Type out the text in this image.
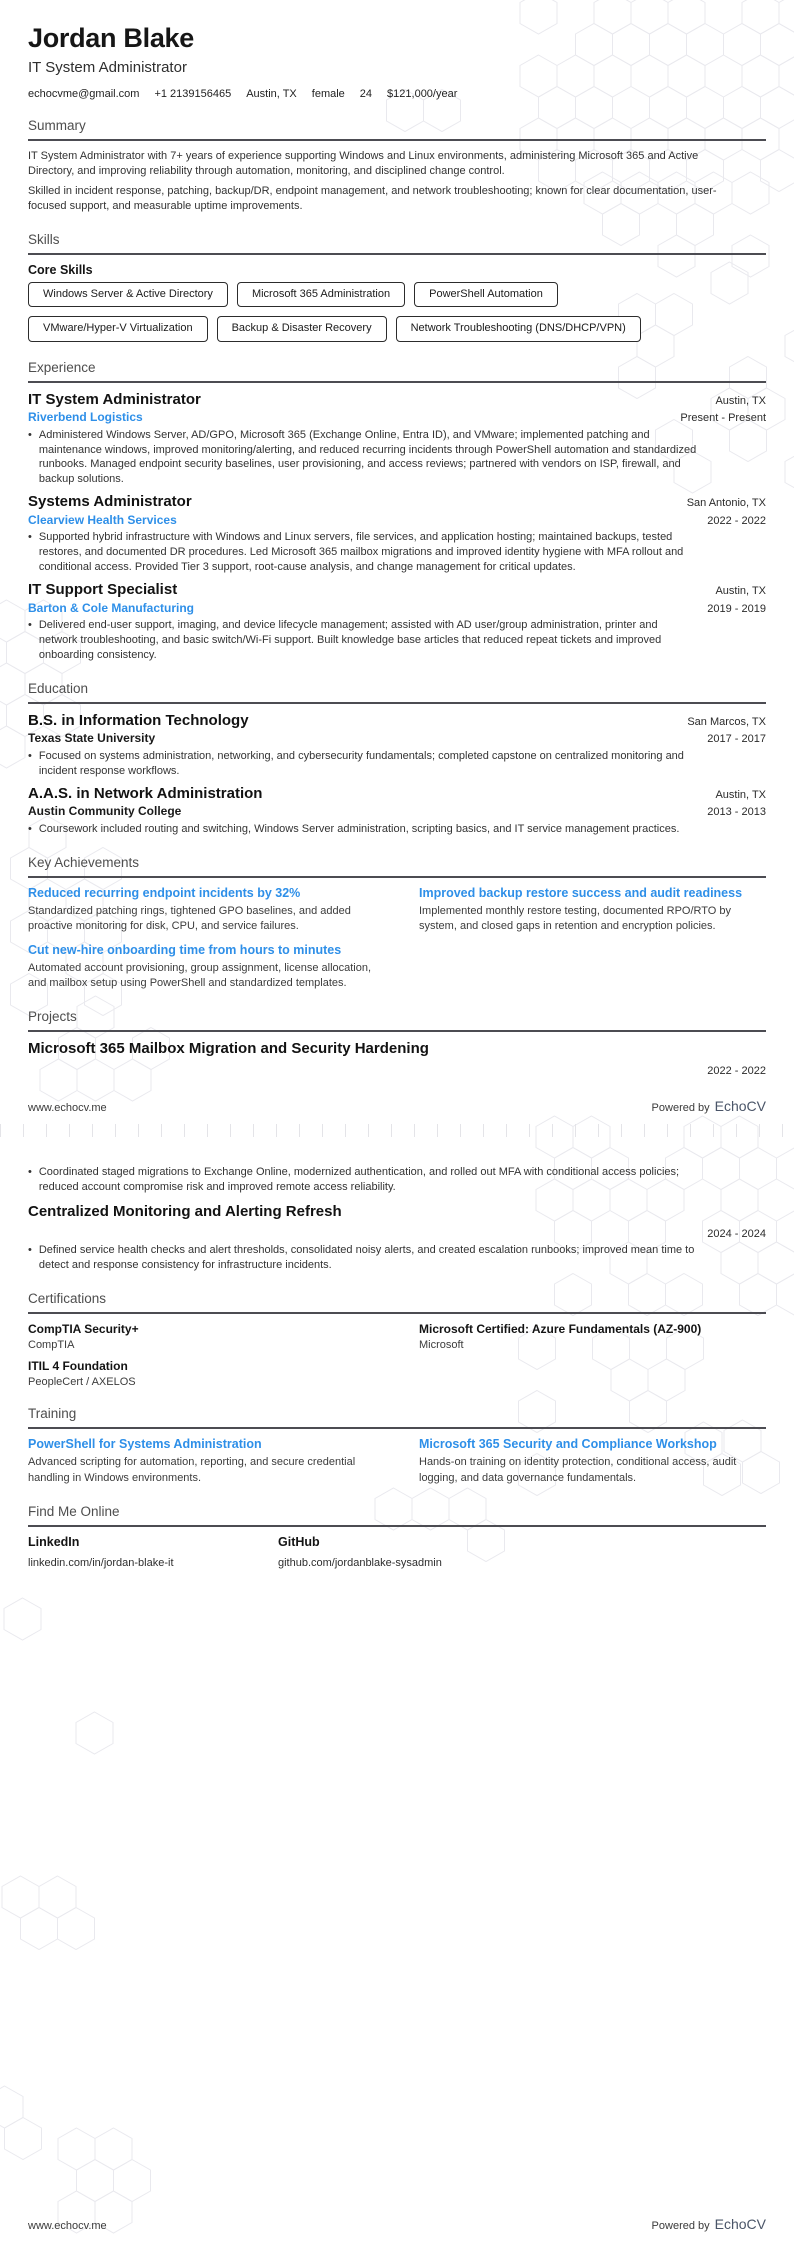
Jordan Blake
IT System Administrator
echocvme@gmail.com +1 2139156465 Austin, TX female 24 $121,000/year
Summary

IT System Administrator with 7+ years of experience supporting Windows and Linux environments, administering Microsoft 365 and Active Directory, and improving reliability through automation, monitoring, and disciplined change control.

Skilled in incident response, patching, backup/DR, endpoint management, and network troubleshooting; known for clear documentation, user-focused support, and measurable uptime improvements.

Skills
Core Skills
Windows Server & Active Directory	Microsoft 365 Administration	PowerShell Automation
VMware/Hyper-V Virtualization	Backup & Disaster Recovery	Network Troubleshooting (DNS/DHCP/VPN)
Experience
IT System Administrator	Austin, TX
Riverbend Logistics	Present - Present
• Administered Windows Server, AD/GPO, Microsoft 365 (Exchange Online, Entra ID), and VMware; implemented patching and maintenance windows, improved monitoring/alerting, and reduced recurring incidents through PowerShell automation and standardized runbooks. Managed endpoint security baselines, user provisioning, and access reviews; partnered with vendors on ISP, firewall, and backup solutions.
Systems Administrator	San Antonio, TX
Clearview Health Services	2022 - 2022
• Supported hybrid infrastructure with Windows and Linux servers, file services, and application hosting; maintained backups, tested restores, and documented DR procedures. Led Microsoft 365 mailbox migrations and improved identity hygiene with MFA rollout and conditional access. Provided Tier 3 support, root-cause analysis, and change management for critical updates.
IT Support Specialist	Austin, TX
Barton & Cole Manufacturing	2019 - 2019
• Delivered end-user support, imaging, and device lifecycle management; assisted with AD user/group administration, printer and network troubleshooting, and basic switch/Wi-Fi support. Built knowledge base articles that reduced repeat tickets and improved onboarding consistency.
Education
B.S. in Information Technology	San Marcos, TX
Texas State University	2017 - 2017
• Focused on systems administration, networking, and cybersecurity fundamentals; completed capstone on centralized monitoring and incident response workflows.
A.A.S. in Network Administration	Austin, TX
Austin Community College	2013 - 2013
• Coursework included routing and switching, Windows Server administration, scripting basics, and IT service management practices.
Key Achievements
Reduced recurring endpoint incidents by 32%
Standardized patching rings, tightened GPO baselines, and added proactive monitoring for disk, CPU, and service failures.
Improved backup restore success and audit readiness
Implemented monthly restore testing, documented RPO/RTO by system, and closed gaps in retention and encryption policies.
Cut new-hire onboarding time from hours to minutes
Automated account provisioning, group assignment, license allocation, and mailbox setup using PowerShell and standardized templates.
Projects
Microsoft 365 Mailbox Migration and Security Hardening
2022 - 2022
• Coordinated staged migrations to Exchange Online, modernized authentication, and rolled out MFA with conditional access policies; reduced account compromise risk and improved remote access reliability.
Centralized Monitoring and Alerting Refresh
2024 - 2024
• Defined service health checks and alert thresholds, consolidated noisy alerts, and created escalation runbooks; improved mean time to detect and response consistency for infrastructure incidents.
Certifications
CompTIA Security+
CompTIA
Microsoft Certified: Azure Fundamentals (AZ-900)
Microsoft
ITIL 4 Foundation
PeopleCert / AXELOS
Training
PowerShell for Systems Administration
Advanced scripting for automation, reporting, and secure credential handling in Windows environments.
Microsoft 365 Security and Compliance Workshop
Hands-on training on identity protection, conditional access, audit logging, and data governance fundamentals.
Find Me Online
LinkedIn
linkedin.com/in/jordan-blake-it
GitHub
github.com/jordanblake-sysadmin
www.echocv.me	Powered by EchoCV
www.echocv.me	Powered by EchoCV
